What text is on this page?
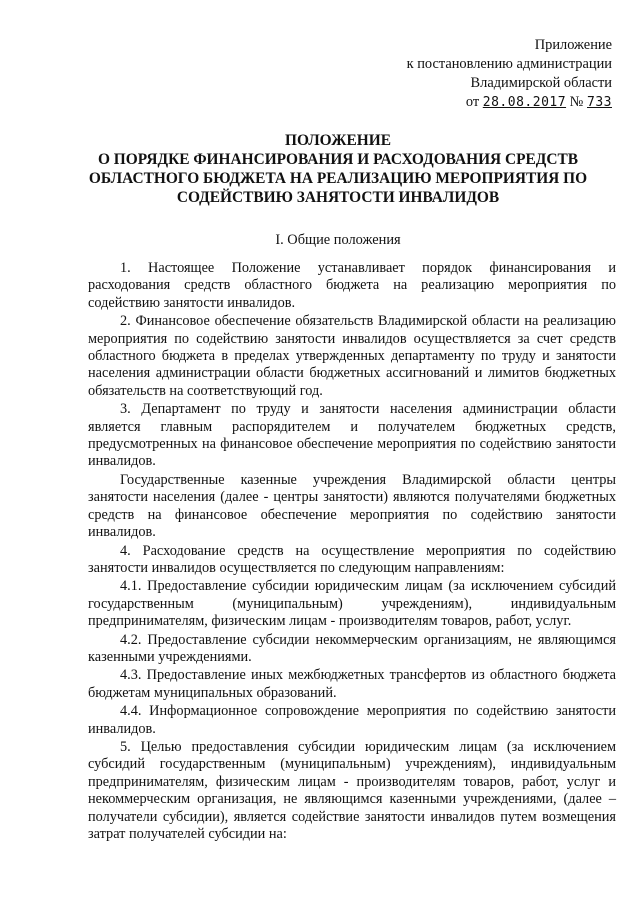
Приложение
к постановлению администрации
Владимирской области
от 28.08.2017 № 733
ПОЛОЖЕНИЕ
О ПОРЯДКЕ ФИНАНСИРОВАНИЯ И РАСХОДОВАНИЯ СРЕДСТВ
ОБЛАСТНОГО БЮДЖЕТА НА РЕАЛИЗАЦИЮ МЕРОПРИЯТИЯ ПО
СОДЕЙСТВИЮ ЗАНЯТОСТИ ИНВАЛИДОВ
I. Общие положения

1. Настоящее Положение устанавливает порядок финансирования и расходования средств областного бюджета на реализацию мероприятия по содействию занятости инвалидов.

2. Финансовое обеспечение обязательств Владимирской области на реализацию мероприятия по содействию занятости инвалидов осуществляется за счет средств областного бюджета в пределах утвержденных департаменту по труду и занятости населения администрации области бюджетных ассигнований и лимитов бюджетных обязательств на соответствующий год.

3. Департамент по труду и занятости населения администрации области является главным распорядителем и получателем бюджетных средств, предусмотренных на финансовое обеспечение мероприятия по содействию занятости инвалидов.

Государственные казенные учреждения Владимирской области центры занятости населения (далее - центры занятости) являются получателями бюджетных средств на финансовое обеспечение мероприятия по содействию занятости инвалидов.

4. Расходование средств на осуществление мероприятия по содействию занятости инвалидов осуществляется по следующим направлениям:

4.1. Предоставление субсидии юридическим лицам (за исключением субсидий государственным (муниципальным) учреждениям), индивидуальным предпринимателям, физическим лицам - производителям товаров, работ, услуг.

4.2. Предоставление субсидии некоммерческим организациям, не являющимся казенными учреждениями.

4.3. Предоставление иных межбюджетных трансфертов из областного бюджета бюджетам муниципальных образований.

4.4. Информационное сопровождение мероприятия по содействию занятости инвалидов.

5. Целью предоставления субсидии юридическим лицам (за исключением субсидий государственным (муниципальным) учреждениям), индивидуальным предпринимателям, физическим лицам - производителям товаров, работ, услуг и некоммерческим организация, не являющимся казенными учреждениями, (далее – получатели субсидии), является содействие занятости инвалидов путем возмещения затрат получателей субсидии на:
